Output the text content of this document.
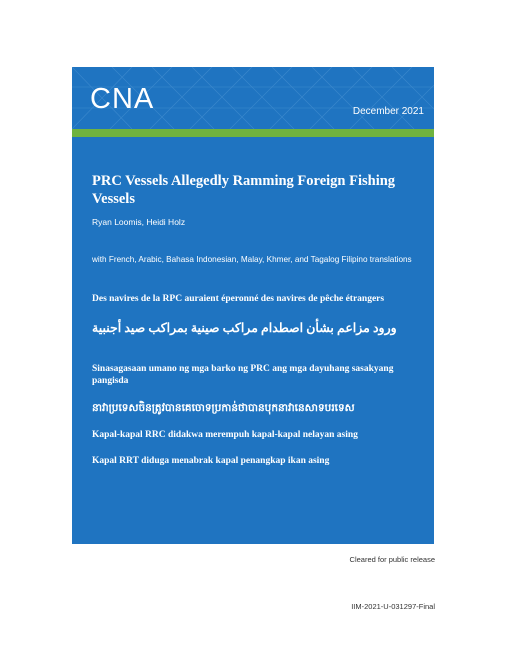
CNA	December 2021
PRC Vessels Allegedly Ramming Foreign Fishing Vessels
Ryan Loomis, Heidi Holz
with French, Arabic, Bahasa Indonesian, Malay, Khmer, and Tagalog Filipino translations
Des navires de la RPC auraient éperonné des navires de pêche étrangers
ورود مزاعم بشأن اصطدام مراكب صينية بمراكب صيد أجنبية
Sinasagasaan umano ng mga barko ng PRC ang mga dayuhang sasakyang pangisda
នាវាប្រទេសចិនត្រូវបានគេចោទប្រកាន់ថាបានបុកនាវានេសាទបរទេស
Kapal-kapal RRC didakwa merempuh kapal-kapal nelayan asing
Kapal RRT diduga menabrak kapal penangkap ikan asing
Cleared for public release
IIM-2021-U-031297-Final
